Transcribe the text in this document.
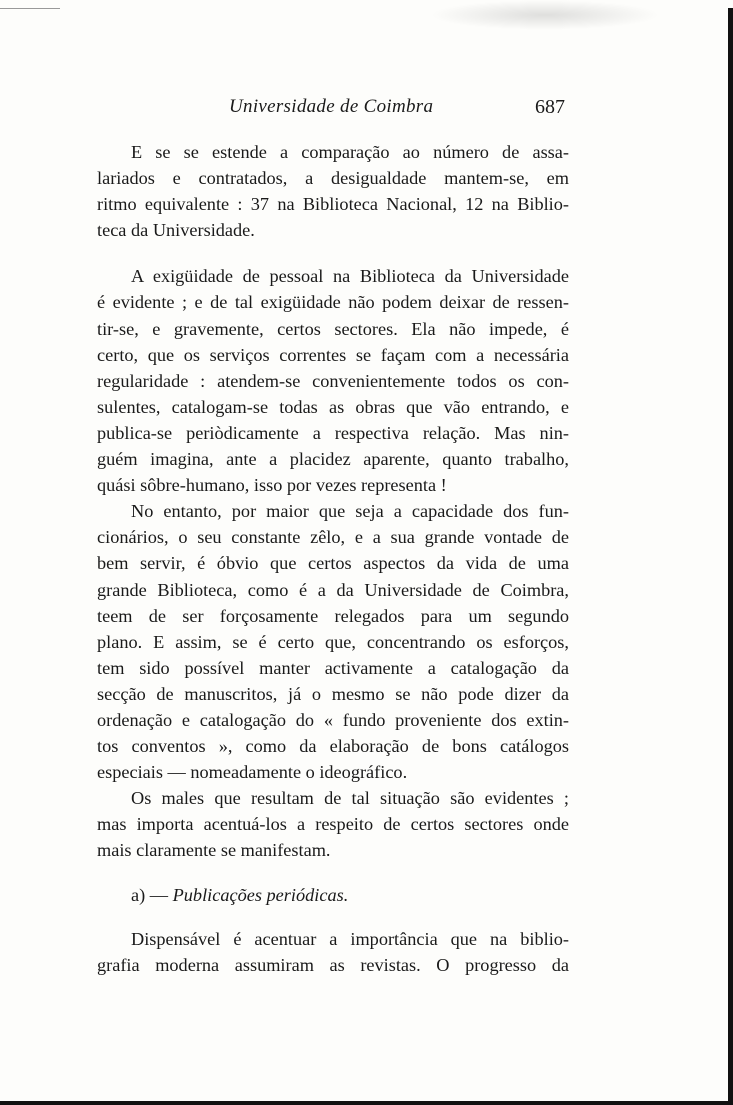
Universidade de Coimbra	687
E se se estende a comparação ao número de assa-
lariados e contratados, a desigualdade mantem-se, em
ritmo equivalente : 37 na Biblioteca Nacional, 12 na Biblio-
teca da Universidade.
A exigüidade de pessoal na Biblioteca da Universidade
é evidente ; e de tal exigüidade não podem deixar de ressen-
tir-se, e gravemente, certos sectores. Ela não impede, é
certo, que os serviços correntes se façam com a necessária
regularidade : atendem-se convenientemente todos os con-
sulentes, catalogam-se todas as obras que vão entrando, e
publica-se periòdicamente a respectiva relação. Mas nin-
guém imagina, ante a placidez aparente, quanto trabalho,
quási sôbre-humano, isso por vezes representa !
No entanto, por maior que seja a capacidade dos fun-
cionários, o seu constante zêlo, e a sua grande vontade de
bem servir, é óbvio que certos aspectos da vida de uma
grande Biblioteca, como é a da Universidade de Coimbra,
teem de ser forçosamente relegados para um segundo
plano. E assim, se é certo que, concentrando os esforços,
tem sido possível manter activamente a catalogação da
secção de manuscritos, já o mesmo se não pode dizer da
ordenação e catalogação do « fundo proveniente dos extin-
tos conventos », como da elaboração de bons catálogos
especiais — nomeadamente o ideográfico.
Os males que resultam de tal situação são evidentes ;
mas importa acentuá-los a respeito de certos sectores onde
mais claramente se manifestam.
a) — Publicações periódicas.
Dispensável é acentuar a importância que na biblio-
grafia moderna assumiram as revistas. O progresso da
